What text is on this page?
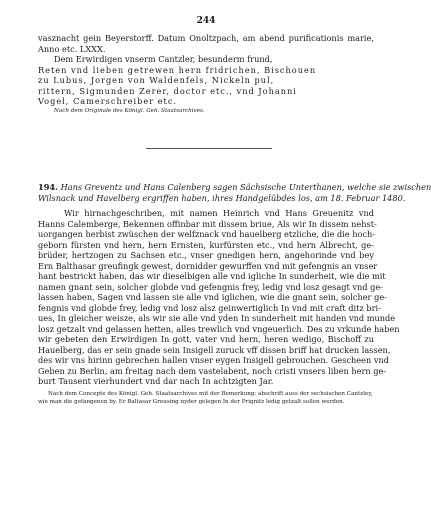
244
vasznacht gein Beyerstorff. Datum Onoltzpach, am abend purificationis marie,
Anno etc. LXXX.
Dem Erwirdigen vnserm Cantzler, besunderm frund,
Reten vnd lieben getrewen hern fridrichen, Bischouen
zu Lubus, Jorgen von Waldenfels, Nickeln pul,
rittern, Sigmunden Zerer, doctor etc., vnd Johanni
Vogel, Camerschreiber etc.
Nach dem Originale des Königl. Geh. Staatsarchives.
194. Hans Greventz und Hans Calenberg sagen Sächsische Unterthanen, welche sie zwischen
Wilsnack und Havelberg ergriffen haben, ihres Handgelübdes los, am 18. Februar 1480.
Wir hirnachgeschriben, mit namen Heinrich vnd Hans Greuenitz vnd
Hanns Calemberge, Bekennen offinbar mit dissem briue, Als wir In dissem nehst-
uorgangen herbist zwüschen der welfznack vnd hauelberg etzliche, die die hoch-
geborn fürsten vnd hern, hern Ernsten, kurfürsten etc., vnd hern Albrecht, ge-
brüder, hertzogen zu Sachsen etc., vnser gnedigen hern, angehorinde vnd bey
Ern Balthasar greufingk gewest, dornidder gewurffen vnd mit gefengnis an vnser
hant bestrickt haben, das wir dieselbigen alle vnd igliche In sunderheit, wie die mit
namen gnant sein, solcher globde vnd gefengnis frey, ledig vnd losz gesagt vnd ge-
lassen haben, Sagen vnd lassen sie alle vnd iglichen, wie die gnant sein, solcher ge-
fengnis vnd globde frey, ledig vnd losz alsz geinwertiglich In vnd mit craft ditz bri-
ues, In gleicher weisze, als wir sie alle vnd yden In sunderheit mit handen vnd munde
losz getzalt vnd gelassen hetten, alles trewlich vnd vngeuerlich. Des zu vrkunde haben
wir gebeten den Erwirdigen In gott, vater vnd hern, heren wedigo, Bischoff zu
Hauelberg, das er sein gnade sein Insigell zuruck vff dissen briff hat drucken lassen,
des wir vns hirinn gebrechen hallen vnser eygen Insigell gebrouchen. Gescheen vnd
Geben zu Berlin, am freitag nach dem vastelabent, noch cristi vnsers liben hern ge-
burt Tausent vierhundert vnd dar nach In achtzigten Jar.
Nach dem Concepte des Königl. Geh. Staatsarchives mit der Bemerkung: abschrift auss der sechsischen Cantzley,
wie man die gefangenen by. Er Baltasar Greusing nyder gelegen In der Prignitz ledig getzalt sollen werden.
